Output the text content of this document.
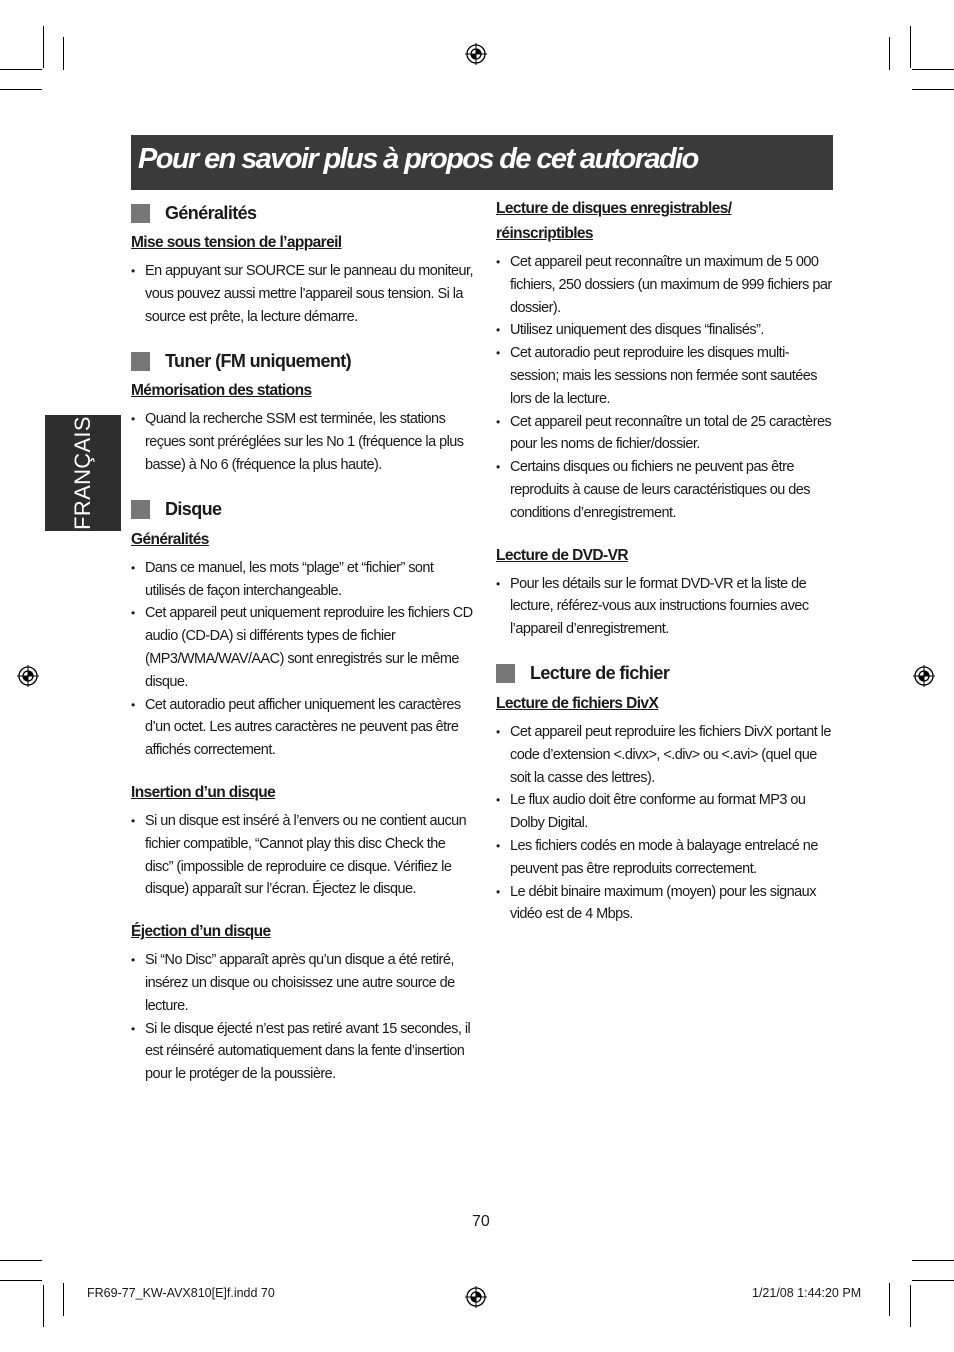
Pour en savoir plus à propos de cet autoradio
FRANÇAIS
Généralités
Mise sous tension de l’appareil
• En appuyant sur SOURCE sur le panneau du moniteur, vous pouvez aussi mettre l’appareil sous tension. Si la source est prête, la lecture démarre.
Tuner (FM uniquement)
Mémorisation des stations
• Quand la recherche SSM est terminée, les stations reçues sont préréglées sur les No 1 (fréquence la plus basse) à No 6 (fréquence la plus haute).
Disque
Généralités
• Dans ce manuel, les mots “plage” et “fichier” sont utilisés de façon interchangeable.
• Cet appareil peut uniquement reproduire les fichiers CD audio (CD-DA) si différents types de fichier (MP3/WMA/WAV/AAC) sont enregistrés sur le même disque.
• Cet autoradio peut afficher uniquement les caractères d’un octet. Les autres caractères ne peuvent pas être affichés correctement.
Insertion d’un disque
• Si un disque est inséré à l’envers ou ne contient aucun fichier compatible, “Cannot play this disc Check the disc” (impossible de reproduire ce disque. Vérifiez le disque) apparaît sur l’écran. Éjectez le disque.
Éjection d’un disque
• Si “No Disc” apparaît après qu’un disque a été retiré, insérez un disque ou choisissez une autre source de lecture.
• Si le disque éjecté n’est pas retiré avant 15 secondes, il est réinséré automatiquement dans la fente d’insertion pour le protéger de la poussière.
Lecture de disques enregistrables/ réinscriptibles
• Cet appareil peut reconnaître un maximum de 5 000 fichiers, 250 dossiers (un maximum de 999 fichiers par dossier).
• Utilisez uniquement des disques “finalisés”.
• Cet autoradio peut reproduire les disques multi-session; mais les sessions non fermée sont sautées lors de la lecture.
• Cet appareil peut reconnaître un total de 25 caractères pour les noms de fichier/dossier.
• Certains disques ou fichiers ne peuvent pas être reproduits à cause de leurs caractéristiques ou des conditions d’enregistrement.
Lecture de DVD-VR
• Pour les détails sur le format DVD-VR et la liste de lecture, référez-vous aux instructions fournies avec l’appareil d’enregistrement.
Lecture de fichier
Lecture de fichiers DivX
• Cet appareil peut reproduire les fichiers DivX portant le code d’extension <.divx>, <.div> ou <.avi> (quel que soit la casse des lettres).
• Le flux audio doit être conforme au format MP3 ou Dolby Digital.
• Les fichiers codés en mode à balayage entrelacé ne peuvent pas être reproduits correctement.
• Le débit binaire maximum (moyen) pour les signaux vidéo est de 4 Mbps.
70
FR69-77_KW-AVX810[E]f.indd 70	1/21/08 1:44:20 PM
